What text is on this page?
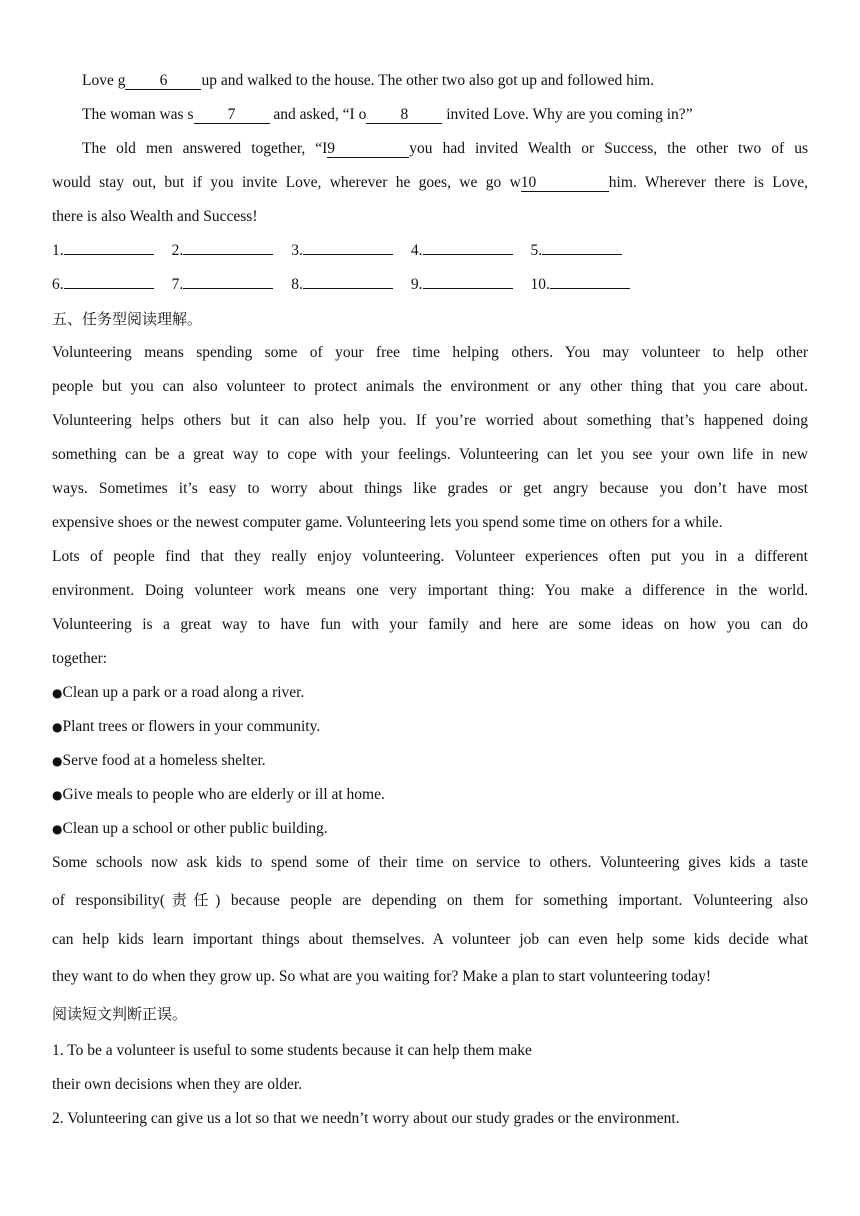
Love g 6 up and walked to the house. The other two also got up and followed him.
The woman was s 7 and asked, “I o 8 invited Love. Why are you coming in?”
The old men answered together, “I9	you had invited Wealth or Success, the other two of us
would stay out, but if you invite Love, wherever he goes, we go w10	him. Wherever there is Love,
there is also Wealth and Success!
1.	2.	3.	4.	5.
6.	7.	8.	9.	10.
五、任务型阅读理解。
Volunteering means spending some of your free time helping others. You may volunteer to help other
people but you can also volunteer to protect animals the environment or any other thing that you care about.
Volunteering helps others but it can also help you. If you’re worried about something that’s happened doing
something can be a great way to cope with your feelings. Volunteering can let you see your own life in new
ways. Sometimes it’s easy to worry about things like grades or get angry because you don’t have most
expensive shoes or the newest computer game. Volunteering lets you spend some time on others for a while.
Lots of people find that they really enjoy volunteering. Volunteer experiences often put you in a different
environment. Doing volunteer work means one very important thing: You make a difference in the world.
Volunteering is a great way to have fun with your family and here are some ideas on how you can do
together:
●Clean up a park or a road along a river.
●Plant trees or flowers in your community.
●Serve food at a homeless shelter.
●Give meals to people who are elderly or ill at home.
●Clean up a school or other public building.
Some schools now ask kids to spend some of their time on service to others. Volunteering gives kids a taste
of responsibility(责任) because people are depending on them for something important. Volunteering also
can help kids learn important things about themselves. A volunteer job can even help some kids decide what
they want to do when they grow up. So what are you waiting for? Make a plan to start volunteering today!
阅读短文判断正误。
1. To be a volunteer is useful to some students because it can help them make
their own decisions when they are older.
2. Volunteering can give us a lot so that we needn’t worry about our study grades or the environment.
